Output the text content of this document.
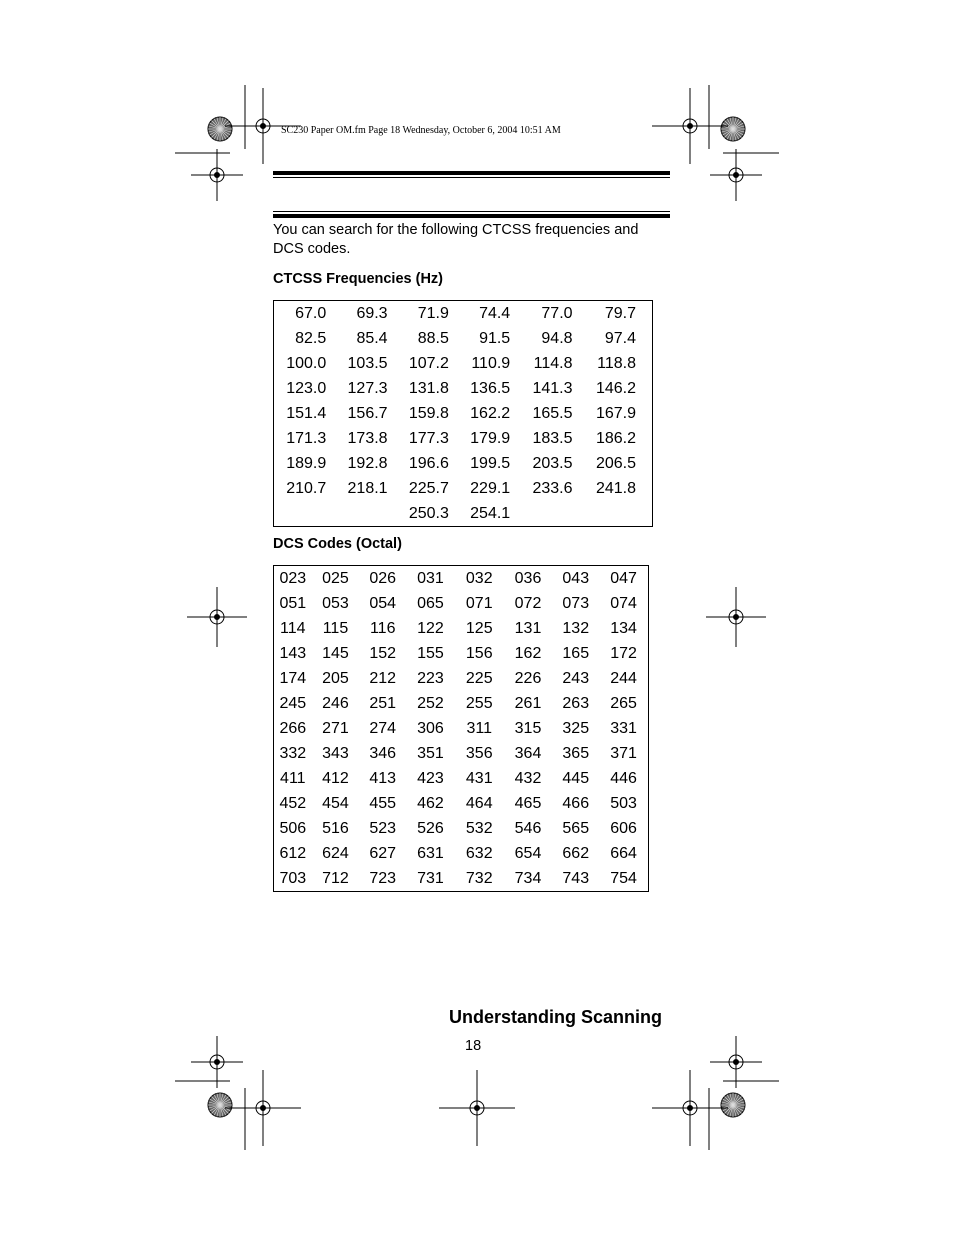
SC230 Paper OM.fm Page 18 Wednesday, October 6, 2004 10:51 AM
You can search for the following CTCSS frequencies and DCS codes.
CTCSS Frequencies (Hz)
67.0	69.3	71.9	74.4	77.0	79.7
82.5	85.4	88.5	91.5	94.8	97.4
100.0	103.5	107.2	110.9	114.8	118.8
123.0	127.3	131.8	136.5	141.3	146.2
151.4	156.7	159.8	162.2	165.5	167.9
171.3	173.8	177.3	179.9	183.5	186.2
189.9	192.8	196.6	199.5	203.5	206.5
210.7	218.1	225.7	229.1	233.6	241.8
		250.3	254.1		
DCS Codes (Octal)
023	025	026	031	032	036	043	047
051	053	054	065	071	072	073	074
114	115	116	122	125	131	132	134
143	145	152	155	156	162	165	172
174	205	212	223	225	226	243	244
245	246	251	252	255	261	263	265
266	271	274	306	311	315	325	331
332	343	346	351	356	364	365	371
411	412	413	423	431	432	445	446
452	454	455	462	464	465	466	503
506	516	523	526	532	546	565	606
612	624	627	631	632	654	662	664
703	712	723	731	732	734	743	754
Understanding Scanning
18
